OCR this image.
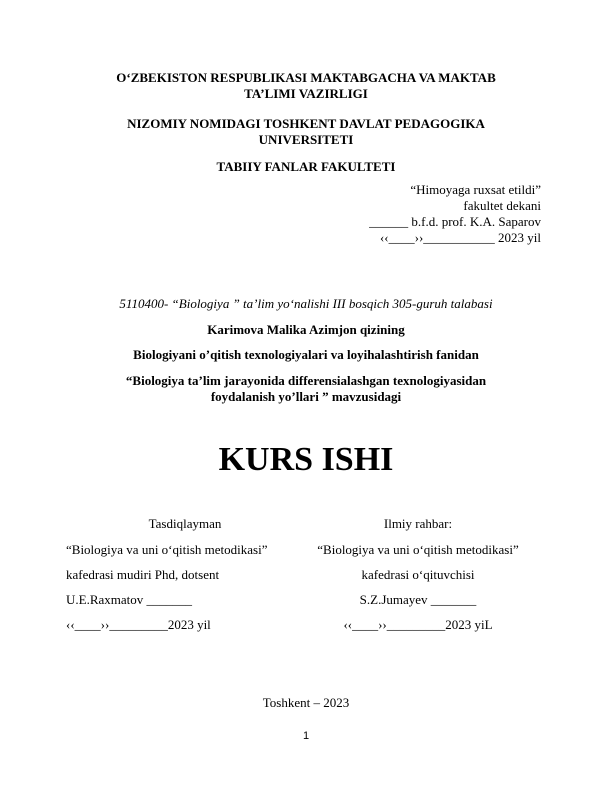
O‘ZBEKISTON RESPUBLIKASI MAKTABGACHA VA MAKTAB
TA’LIMI VAZIRLIGI
NIZOMIY NOMIDAGI TOSHKENT DAVLAT PEDAGOGIKA
UNIVERSITETI
TABIIY FANLAR FAKULTETI
“Himoyaga ruxsat etildi”
fakultet dekani
______ b.f.d. prof. K.A. Saparov
‹‹____››___________ 2023 yil
5110400- “Biologiya ” ta’lim yo‘nalishi III bosqich 305-guruh talabasi
Karimova Malika Azimjon qizining
Biologiyani o’qitish texnologiyalari va loyihalashtirish fanidan
“Biologiya ta’lim jarayonida differensialashgan texnologiyasidan
foydalanish yo’llari ” mavzusidagi
KURS ISHI
Tasdiqlayman
“Biologiya va uni o‘qitish metodikasi”
kafedrasi mudiri Phd, dotsent
U.E.Raxmatov _______
‹‹____››_________2023 yil
Ilmiy rahbar:
“Biologiya va uni o‘qitish metodikasi”
kafedrasi o‘qituvchisi
S.Z.Jumayev _______
‹‹____››_________2023 yiL
Toshkent – 2023
1
